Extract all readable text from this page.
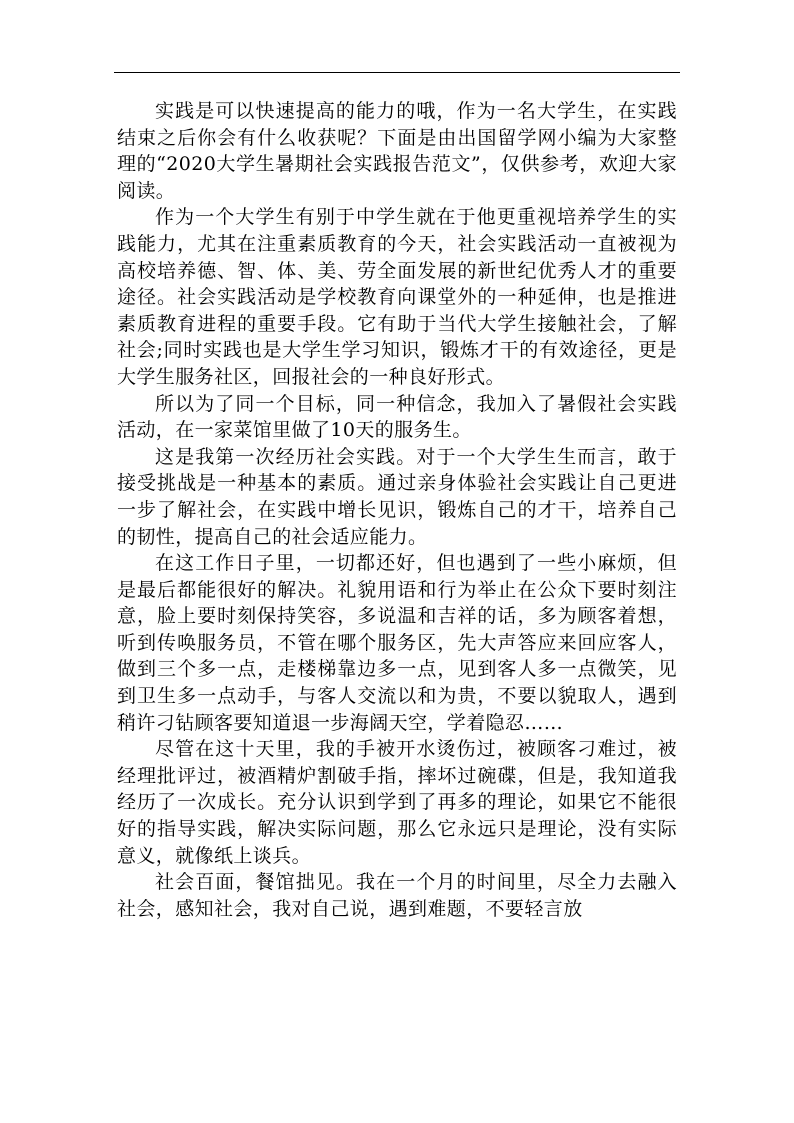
实践是可以快速提高的能力的哦，作为一名大学生，在实践结束之后你会有什么收获呢？下面是由出国留学网小编为大家整理的“2020大学生暑期社会实践报告范文”，仅供参考，欢迎大家阅读。

作为一个大学生有别于中学生就在于他更重视培养学生的实践能力，尤其在注重素质教育的今天，社会实践活动一直被视为高校培养德、智、体、美、劳全面发展的新世纪优秀人才的重要途径。社会实践活动是学校教育向课堂外的一种延伸，也是推进素质教育进程的重要手段。它有助于当代大学生接触社会，了解社会;同时实践也是大学生学习知识，锻炼才干的有效途径，更是大学生服务社区，回报社会的一种良好形式。

所以为了同一个目标，同一种信念，我加入了暑假社会实践活动，在一家菜馆里做了10天的服务生。

这是我第一次经历社会实践。对于一个大学生生而言，敢于接受挑战是一种基本的素质。通过亲身体验社会实践让自己更进一步了解社会，在实践中增长见识，锻炼自己的才干，培养自己的韧性，提高自己的社会适应能力。

在这工作日子里，一切都还好，但也遇到了一些小麻烦，但是最后都能很好的解决。礼貌用语和行为举止在公众下要时刻注意，脸上要时刻保持笑容，多说温和吉祥的话，多为顾客着想，听到传唤服务员，不管在哪个服务区，先大声答应来回应客人，做到三个多一点，走楼梯靠边多一点，见到客人多一点微笑，见到卫生多一点动手，与客人交流以和为贵，不要以貌取人，遇到稍许刁钻顾客要知道退一步海阔天空，学着隐忍……

尽管在这十天里，我的手被开水烫伤过，被顾客刁难过，被经理批评过，被酒精炉割破手指，摔坏过碗碟，但是，我知道我经历了一次成长。充分认识到学到了再多的理论，如果它不能很好的指导实践，解决实际问题，那么它永远只是理论，没有实际意义，就像纸上谈兵。

社会百面，餐馆拙见。我在一个月的时间里，尽全力去融入社会，感知社会，我对自己说，遇到难题，不要轻言放
